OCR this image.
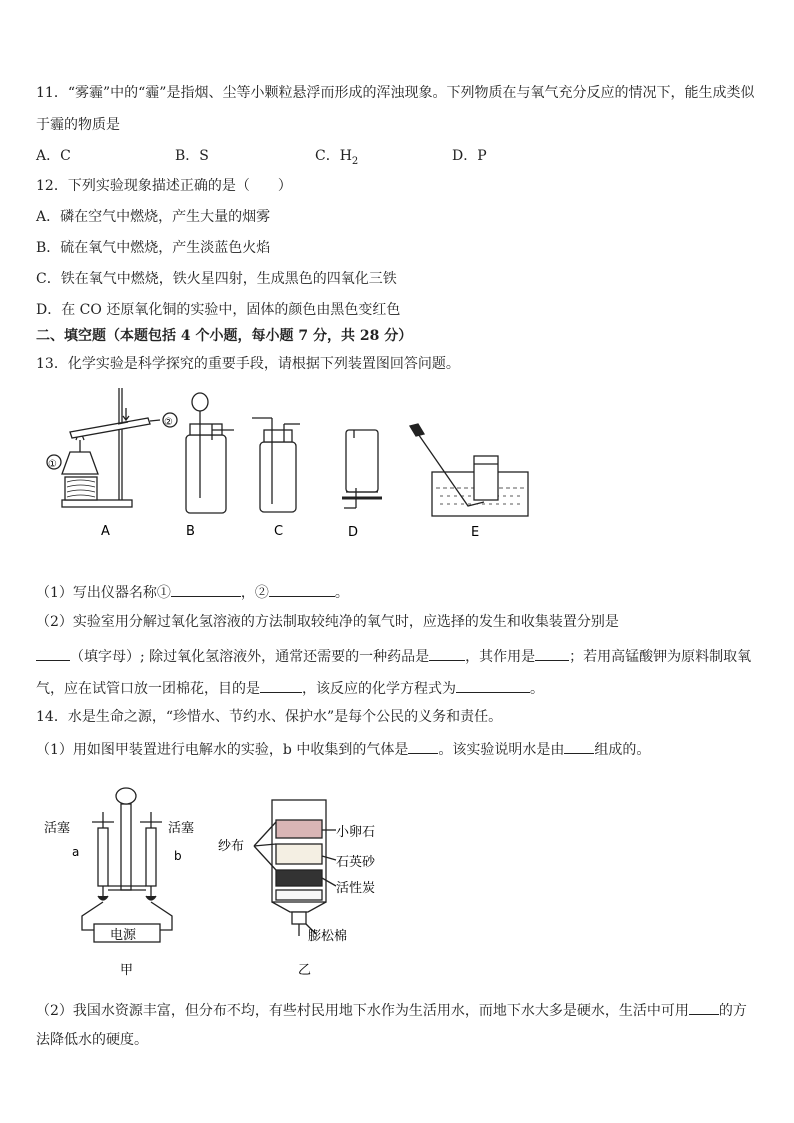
11．“雾霾”中的“霾”是指烟、尘等小颗粒悬浮而形成的浑浊现象。下列物质在与氧气充分反应的情况下，能生成类似
于霾的物质是
A．C	B．S	C．$H_2$	D．P
12．下列实验现象描述正确的是（　　）
A．磷在空气中燃烧，产生大量的烟雾
B．硫在氧气中燃烧，产生淡蓝色火焰
C．铁在氧气中燃烧，铁火星四射，生成黑色的四氧化三铁
D．在 CO 还原氧化铜的实验中，固体的颜色由黑色变红色
二、填空题（本题包括 4 个小题，每小题 7 分，共 28 分）
13．化学实验是科学探究的重要手段，请根据下列装置图回答问题。
①
②
A	B	C	D	E
（1）写出仪器名称①	，②	。
（2）实验室用分解过氧化氢溶液的方法制取较纯净的氧气时，应选择的发生和收集装置分别是
（填字母）; 除过氧化氢溶液外，通常还需要的一种药品是	，其作用是 ；若用高锰酸钾为原料制取氧
气，应在试管口放一团棉花，目的是	，该反应的化学方程式为	。
14．水是生命之源，“珍惜水、节约水、保护水”是每个公民的义务和责任。
（1）用如图甲装置进行电解水的实验，b 中收集到的气体是 。该实验说明水是由 组成的。
活塞	活塞
a	b
电源
甲
纱布
小卵石
石英砂
活性炭
膨松棉
乙
（2）我国水资源丰富，但分布不均，有些村民用地下水作为生活用水，而地下水大多是硬水，生活中可用 的方
法降低水的硬度。
